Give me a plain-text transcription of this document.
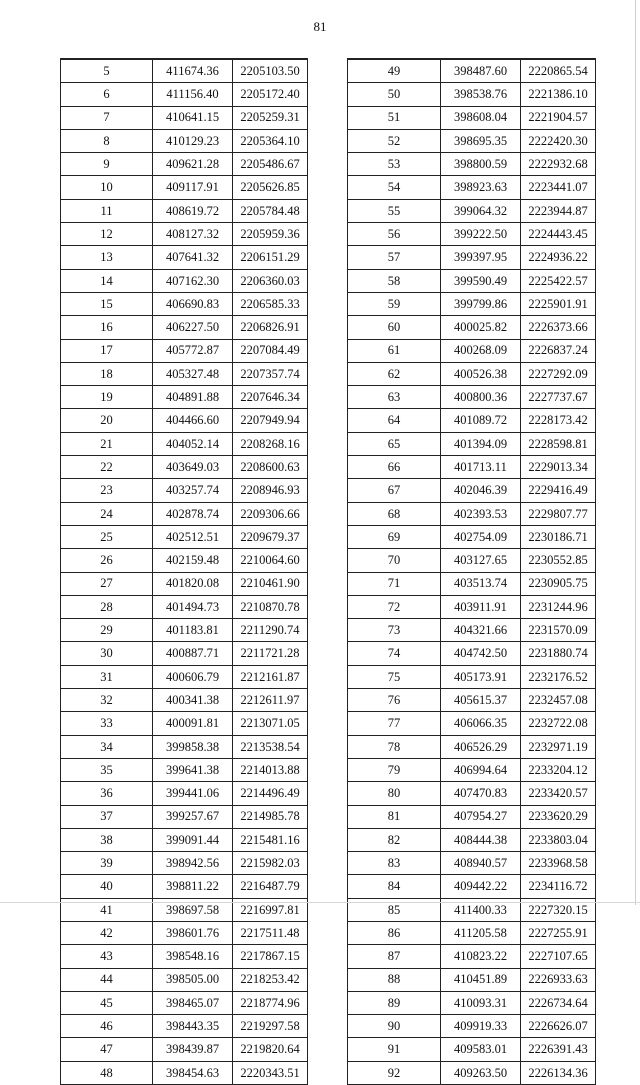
81
5	411674.36	2205103.50
6	411156.40	2205172.40
7	410641.15	2205259.31
8	410129.23	2205364.10
9	409621.28	2205486.67
10	409117.91	2205626.85
11	408619.72	2205784.48
12	408127.32	2205959.36
13	407641.32	2206151.29
14	407162.30	2206360.03
15	406690.83	2206585.33
16	406227.50	2206826.91
17	405772.87	2207084.49
18	405327.48	2207357.74
19	404891.88	2207646.34
20	404466.60	2207949.94
21	404052.14	2208268.16
22	403649.03	2208600.63
23	403257.74	2208946.93
24	402878.74	2209306.66
25	402512.51	2209679.37
26	402159.48	2210064.60
27	401820.08	2210461.90
28	401494.73	2210870.78
29	401183.81	2211290.74
30	400887.71	2211721.28
31	400606.79	2212161.87
32	400341.38	2212611.97
33	400091.81	2213071.05
34	399858.38	2213538.54
35	399641.38	2214013.88
36	399441.06	2214496.49
37	399257.67	2214985.78
38	399091.44	2215481.16
39	398942.56	2215982.03
40	398811.22	2216487.79
41	398697.58	2216997.81
42	398601.76	2217511.48
43	398548.16	2217867.15
44	398505.00	2218253.42
45	398465.07	2218774.96
46	398443.35	2219297.58
47	398439.87	2219820.64
48	398454.63	2220343.51
49	398487.60	2220865.54
50	398538.76	2221386.10
51	398608.04	2221904.57
52	398695.35	2222420.30
53	398800.59	2222932.68
54	398923.63	2223441.07
55	399064.32	2223944.87
56	399222.50	2224443.45
57	399397.95	2224936.22
58	399590.49	2225422.57
59	399799.86	2225901.91
60	400025.82	2226373.66
61	400268.09	2226837.24
62	400526.38	2227292.09
63	400800.36	2227737.67
64	401089.72	2228173.42
65	401394.09	2228598.81
66	401713.11	2229013.34
67	402046.39	2229416.49
68	402393.53	2229807.77
69	402754.09	2230186.71
70	403127.65	2230552.85
71	403513.74	2230905.75
72	403911.91	2231244.96
73	404321.66	2231570.09
74	404742.50	2231880.74
75	405173.91	2232176.52
76	405615.37	2232457.08
77	406066.35	2232722.08
78	406526.29	2232971.19
79	406994.64	2233204.12
80	407470.83	2233420.57
81	407954.27	2233620.29
82	408444.38	2233803.04
83	408940.57	2233968.58
84	409442.22	2234116.72
85	411400.33	2227320.15
86	411205.58	2227255.91
87	410823.22	2227107.65
88	410451.89	2226933.63
89	410093.31	2226734.64
90	409919.33	2226626.07
91	409583.01	2226391.43
92	409263.50	2226134.36
